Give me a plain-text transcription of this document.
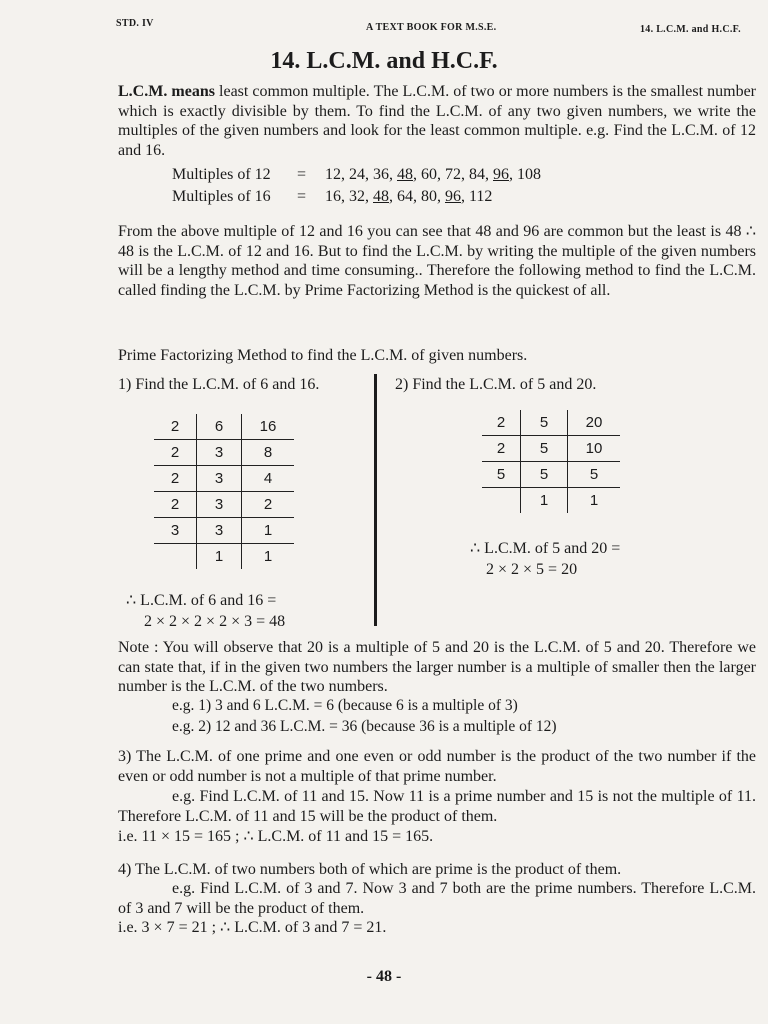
STD. IV	A TEXT BOOK FOR M.S.E.	14. L.C.M. and H.C.F.
14. L.C.M. and H.C.F.
L.C.M. means least common multiple. The L.C.M. of two or more numbers is the smallest number which is exactly divisible by them. To find the L.C.M. of any two given numbers, we write the multiples of the given numbers and look for the least common multiple. e.g. Find the L.C.M. of 12 and 16.
Multiples of 12 = 12, 24, 36, 48, 60, 72, 84, 96, 108
Multiples of 16 = 16, 32, 48, 64, 80, 96, 112
From the above multiple of 12 and 16 you can see that 48 and 96 are common but the least is 48 ∴ 48 is the L.C.M. of 12 and 16. But to find the L.C.M. by writing the multiple of the given numbers will be a lengthy method and time consuming.. Therefore the following method to find the L.C.M. called finding the L.C.M. by Prime Factorizing Method is the quickest of all.
Prime Factorizing Method to find the L.C.M. of given numbers.
1) Find the L.C.M. of 6 and 16.	2) Find the L.C.M. of 5 and 20.
2	6	16
2	3	8
2	3	4
2	3	2
3	3	1
	1	1
∴ L.C.M. of 6 and 16 =
2 × 2 × 2 × 2 × 3 = 48
2	5	20
2	5	10
5	5	5
	1	1
∴ L.C.M. of 5 and 20 =
2 × 2 × 5 = 20
Note : You will observe that 20 is a multiple of 5 and 20 is the L.C.M. of 5 and 20. Therefore we can state that, if in the given two numbers the larger number is a multiple of smaller then the larger number is the L.C.M. of the two numbers.
e.g. 1) 3 and 6 L.C.M. = 6 (because 6 is a multiple of 3)
e.g. 2) 12 and 36 L.C.M. = 36 (because 36 is a multiple of 12)
3) The L.C.M. of one prime and one even or odd number is the product of the two number if the even or odd number is not a multiple of that prime number.
e.g. Find L.C.M. of 11 and 15. Now 11 is a prime number and 15 is not the multiple of 11. Therefore L.C.M. of 11 and 15 will be the product of them.
i.e. 11 × 15 = 165 ; ∴ L.C.M. of 11 and 15 = 165.
4) The L.C.M. of two numbers both of which are prime is the product of them.
e.g. Find L.C.M. of 3 and 7. Now 3 and 7 both are the prime numbers. Therefore L.C.M. of 3 and 7 will be the product of them.
i.e. 3 × 7 = 21 ; ∴ L.C.M. of 3 and 7 = 21.
- 48 -
